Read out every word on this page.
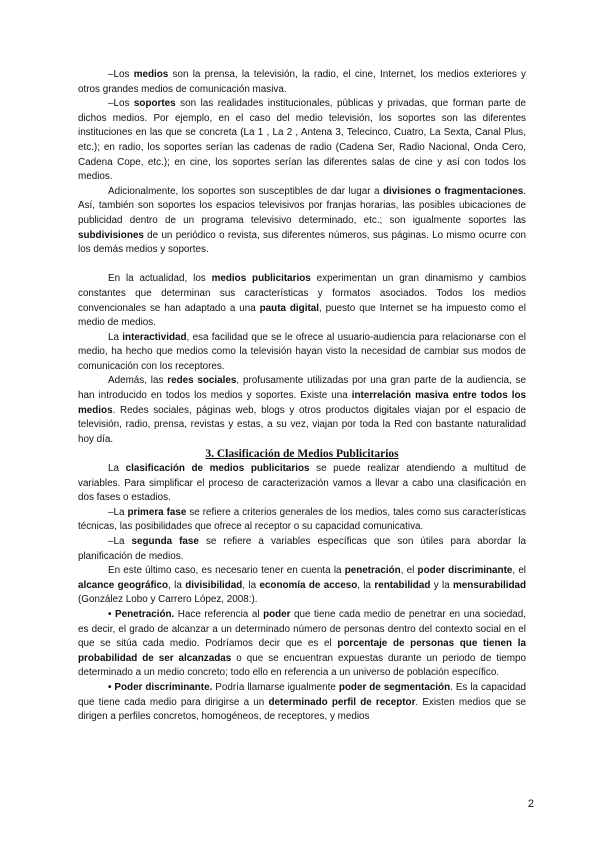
–Los medios son la prensa, la televisión, la radio, el cine, Internet, los medios exteriores y otros grandes medios de comunicación masiva.

–Los soportes son las realidades institucionales, públicas y privadas, que forman parte de dichos medios. Por ejemplo, en el caso del medio televisión, los soportes son las diferentes instituciones en las que se concreta (La 1 , La 2 , Antena 3, Telecinco, Cuatro, La Sexta, Canal Plus, etc.); en radio, los soportes serían las cadenas de radio (Cadena Ser, Radio Nacional, Onda Cero, Cadena Cope, etc.); en cine, los soportes serían las diferentes salas de cine y así con todos los medios.

Adicionalmente, los soportes son susceptibles de dar lugar a divisiones o fragmentaciones. Así, también son soportes los espacios televisivos por franjas horarias, las posibles ubicaciones de publicidad dentro de un programa televisivo determinado, etc.; son igualmente soportes las subdivisiones de un periódico o revista, sus diferentes números, sus páginas. Lo mismo ocurre con los demás medios y soportes.

En la actualidad, los medios publicitarios experimentan un gran dinamismo y cambios constantes que determinan sus características y formatos asociados. Todos los medios convencionales se han adaptado a una pauta digital, puesto que Internet se ha impuesto como el medio de medios.

La interactividad, esa facilidad que se le ofrece al usuario-audiencia para relacionarse con el medio, ha hecho que medios como la televisión hayan visto la necesidad de cambiar sus modos de comunicación con los receptores.

Además, las redes sociales, profusamente utilizadas por una gran parte de la audiencia, se han introducido en todos los medios y soportes. Existe una interrelación masiva entre todos los medios. Redes sociales, páginas web, blogs y otros productos digitales viajan por el espacio de televisión, radio, prensa, revistas y estas, a su vez, viajan por toda la Red con bastante naturalidad hoy día.

3. Clasificación de Medios Publicitarios

La clasificación de medios publicitarios se puede realizar atendiendo a multitud de variables. Para simplificar el proceso de caracterización vamos a llevar a cabo una clasificación en dos fases o estadios.

–La primera fase se refiere a criterios generales de los medios, tales como sus características técnicas, las posibilidades que ofrece al receptor o su capacidad comunicativa.

–La segunda fase se refiere a variables específicas que son útiles para abordar la planificación de medios.

En este último caso, es necesario tener en cuenta la penetración, el poder discriminante, el alcance geográfico, la divisibilidad, la economía de acceso, la rentabilidad y la mensurabilidad (González Lobo y Carrero López, 2008:).

• Penetración. Hace referencia al poder que tiene cada medio de penetrar en una sociedad, es decir, el grado de alcanzar a un determinado número de personas dentro del contexto social en el que se sitúa cada medio. Podríamos decir que es el porcentaje de personas que tienen la probabilidad de ser alcanzadas o que se encuentran expuestas durante un periodo de tiempo determinado a un medio concreto; todo ello en referencia a un universo de población específico.

• Poder discriminante. Podría llamarse igualmente poder de segmentación. Es la capacidad que tiene cada medio para dirigirse a un determinado perfil de receptor. Existen medios que se dirigen a perfiles concretos, homogéneos, de receptores, y medios

2
